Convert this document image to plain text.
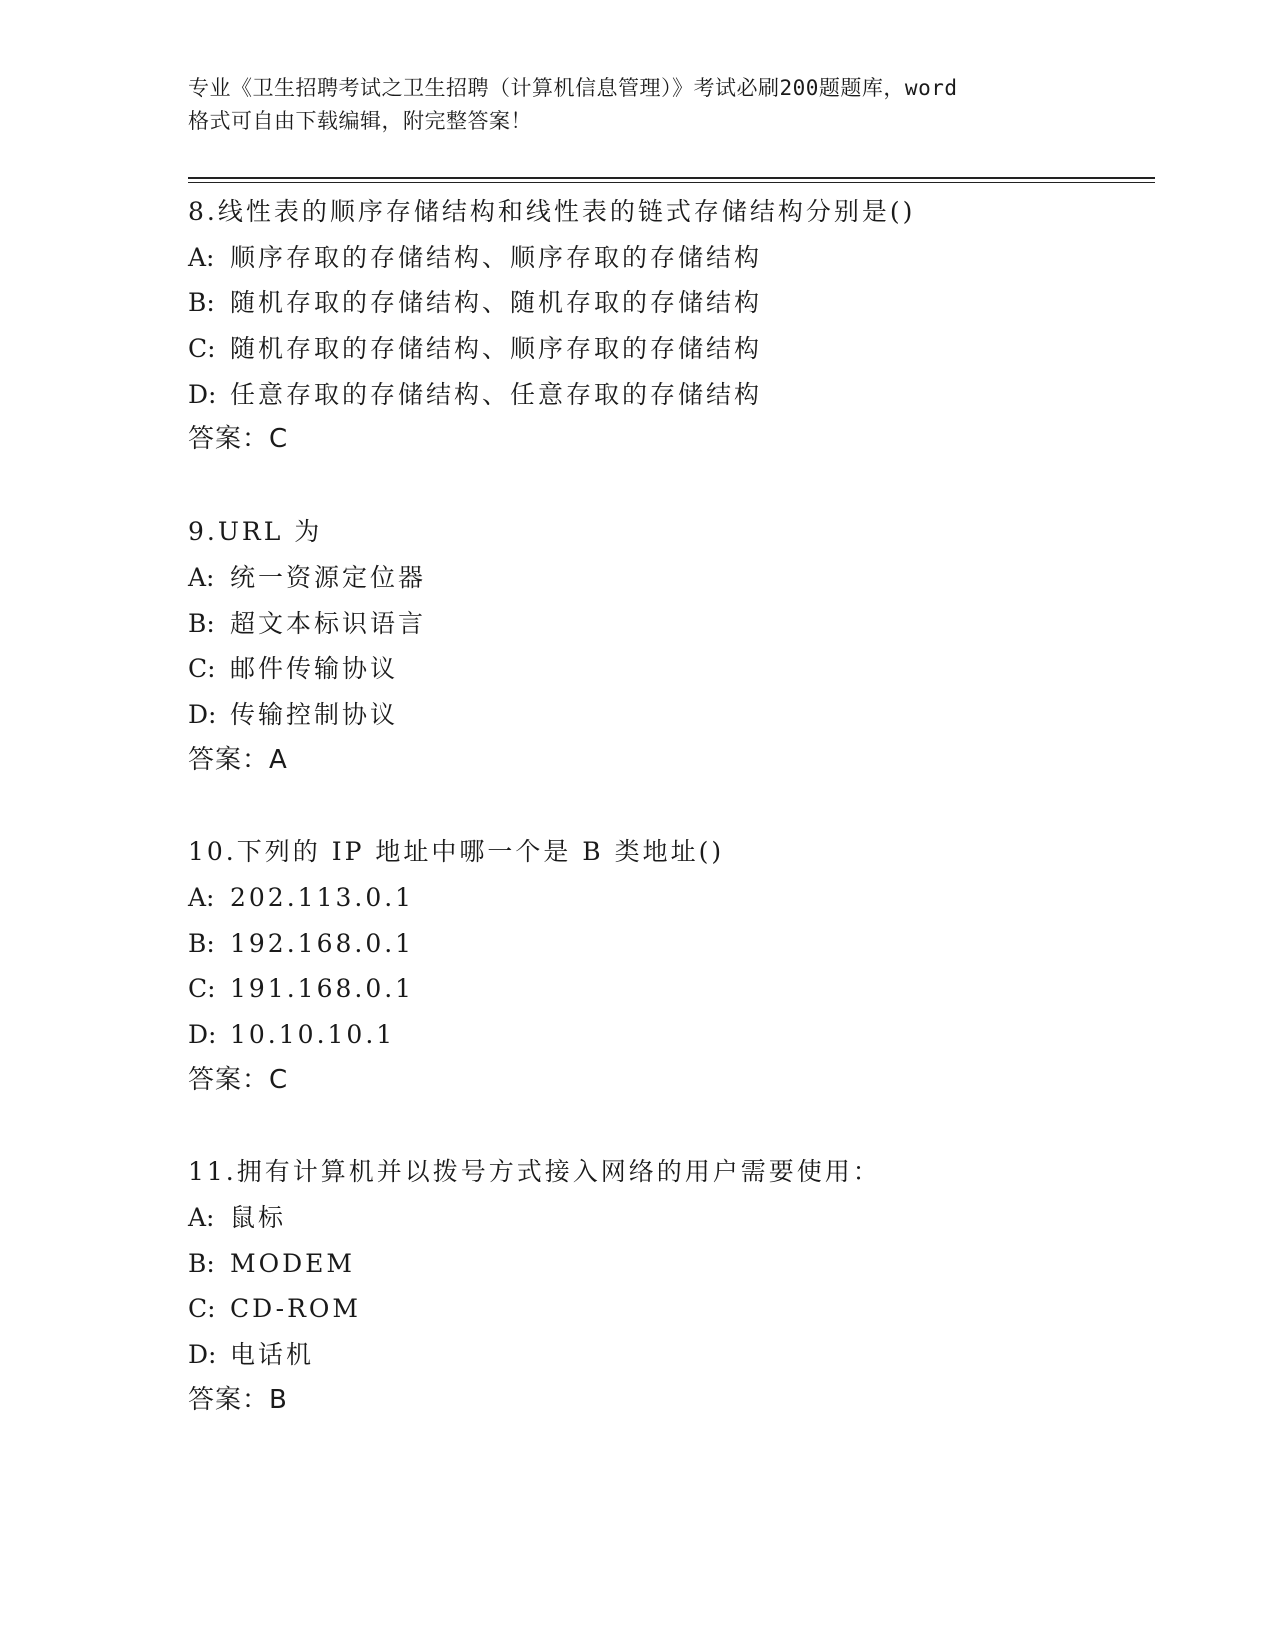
专业《卫生招聘考试之卫生招聘（计算机信息管理）》考试必刷200题题库，word
格式可自由下载编辑，附完整答案！
8.线性表的顺序存储结构和线性表的链式存储结构分别是()
A: 顺序存取的存储结构、顺序存取的存储结构
B: 随机存取的存储结构、随机存取的存储结构
C: 随机存取的存储结构、顺序存取的存储结构
D: 任意存取的存储结构、任意存取的存储结构
答案：C
9.URL 为
A: 统一资源定位器
B: 超文本标识语言
C: 邮件传输协议
D: 传输控制协议
答案：A
10.下列的 IP 地址中哪一个是 B 类地址()
A: 202.113.0.1
B: 192.168.0.1
C: 191.168.0.1
D: 10.10.10.1
答案：C
11.拥有计算机并以拨号方式接入网络的用户需要使用：
A: 鼠标
B: MODEM
C: CD-ROM
D: 电话机
答案：B
